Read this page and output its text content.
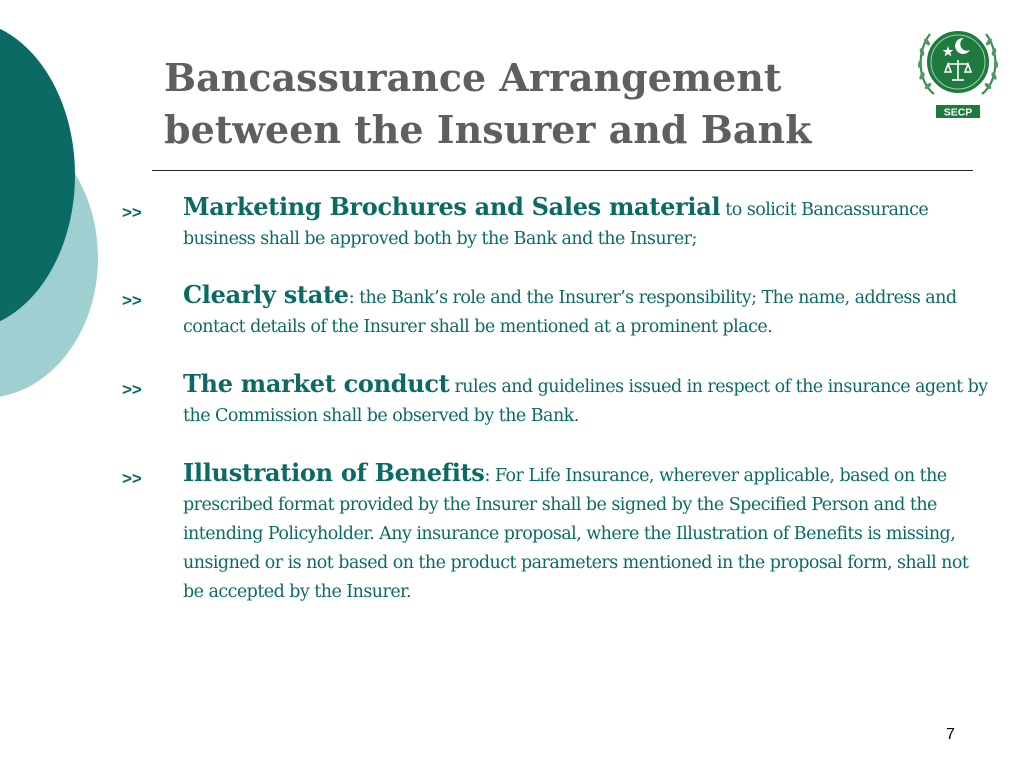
Bancassurance Arrangement
between the Insurer and Bank	SECP
>> Marketing Brochures and Sales material to solicit Bancassurance business shall be approved both by the Bank and the Insurer;
>> Clearly state: the Bank’s role and the Insurer’s responsibility; The name, address and contact details of the Insurer shall be mentioned at a prominent place.
>> The market conduct rules and guidelines issued in respect of the insurance agent by the Commission shall be observed by the Bank.
>> Illustration of Benefits: For Life Insurance, wherever applicable, based on the prescribed format provided by the Insurer shall be signed by the Specified Person and the intending Policyholder. Any insurance proposal, where the Illustration of Benefits is missing, unsigned or is not based on the product parameters mentioned in the proposal form, shall not be accepted by the Insurer.
7
